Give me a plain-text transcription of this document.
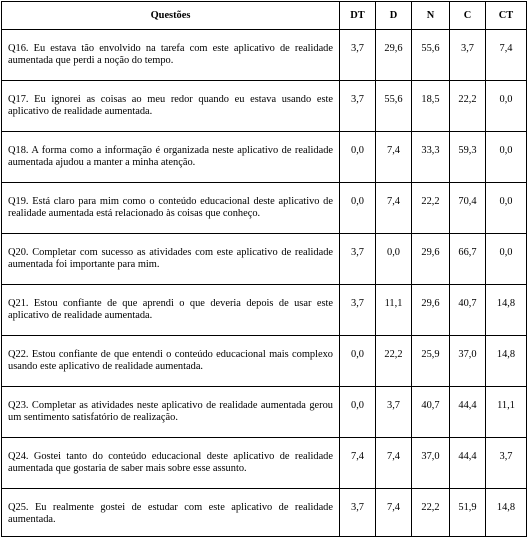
Questões	DT	D	N	C	CT
Q16. Eu estava tão envolvido na tarefa com este aplicativo de realidade aumentada que perdi a noção do tempo.	3,7	29,6	55,6	3,7	7,4
Q17. Eu ignorei as coisas ao meu redor quando eu estava usando este aplicativo de realidade aumentada.	3,7	55,6	18,5	22,2	0,0
Q18. A forma como a informação é organizada neste aplicativo de realidade aumentada ajudou a manter a minha atenção.	0,0	7,4	33,3	59,3	0,0
Q19. Está claro para mim como o conteúdo educacional deste aplicativo de realidade aumentada está relacionado às coisas que conheço.	0,0	7,4	22,2	70,4	0,0
Q20. Completar com sucesso as atividades com este aplicativo de realidade aumentada foi importante para mim.	3,7	0,0	29,6	66,7	0,0
Q21. Estou confiante de que aprendi o que deveria depois de usar este aplicativo de realidade aumentada.	3,7	11,1	29,6	40,7	14,8
Q22. Estou confiante de que entendi o conteúdo educacional mais complexo usando este aplicativo de realidade aumentada.	0,0	22,2	25,9	37,0	14,8
Q23. Completar as atividades neste aplicativo de realidade aumentada gerou um sentimento satisfatório de realização.	0,0	3,7	40,7	44,4	11,1
Q24. Gostei tanto do conteúdo educacional deste aplicativo de realidade aumentada que gostaria de saber mais sobre esse assunto.	7,4	7,4	37,0	44,4	3,7
Q25. Eu realmente gostei de estudar com este aplicativo de realidade aumentada.	3,7	7,4	22,2	51,9	14,8
